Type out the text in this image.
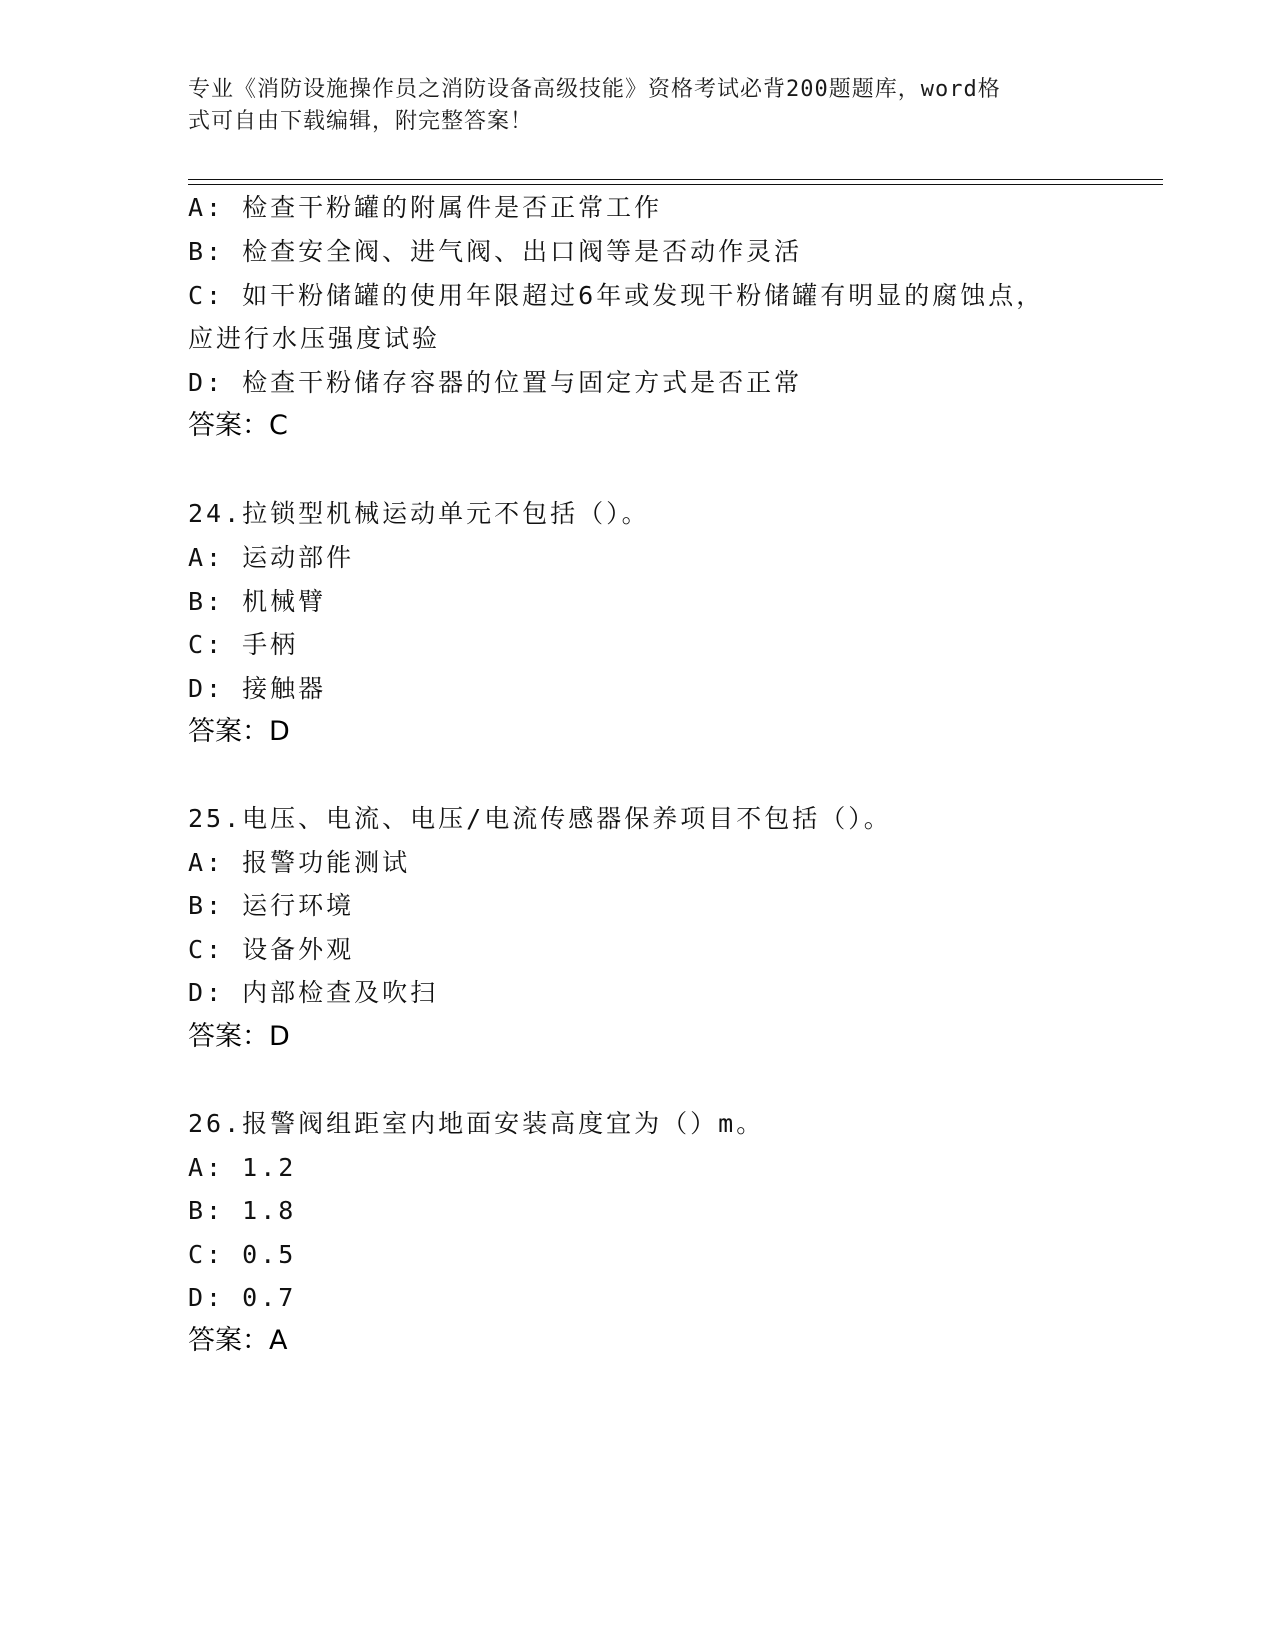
专业《消防设施操作员之消防设备高级技能》资格考试必背200题题库，word格
式可自由下载编辑，附完整答案！
A: 检查干粉罐的附属件是否正常工作
B: 检查安全阀、进气阀、出口阀等是否动作灵活
C: 如干粉储罐的使用年限超过6年或发现干粉储罐有明显的腐蚀点，
应进行水压强度试验
D: 检查干粉储存容器的位置与固定方式是否正常
答案：C
24.拉锁型机械运动单元不包括（）。
A: 运动部件
B: 机械臂
C: 手柄
D: 接触器
答案：D
25.电压、电流、电压/电流传感器保养项目不包括（）。
A: 报警功能测试
B: 运行环境
C: 设备外观
D: 内部检查及吹扫
答案：D
26.报警阀组距室内地面安装高度宜为（）m。
A: 1.2
B: 1.8
C: 0.5
D: 0.7
答案：A
